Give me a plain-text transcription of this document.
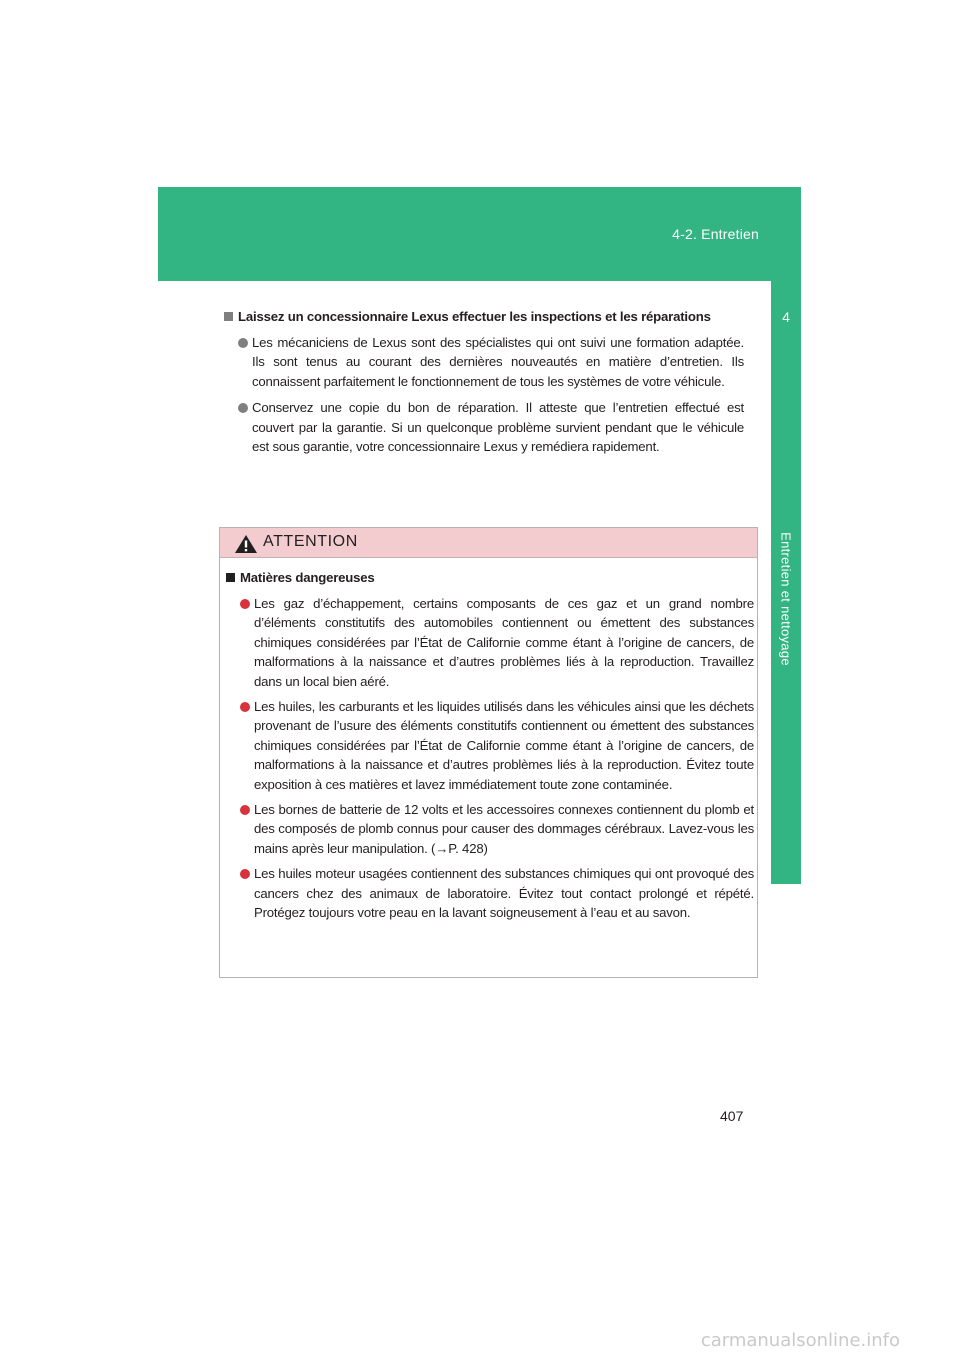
4-2. Entretien
4
Entretien et nettoyage
Laissez un concessionnaire Lexus effectuer les inspections et les réparations
Les mécaniciens de Lexus sont des spécialistes qui ont suivi une formation adaptée. Ils sont tenus au courant des dernières nouveautés en matière d’entretien. Ils connaissent parfaitement le fonctionnement de tous les systèmes de votre véhicule.
Conservez une copie du bon de réparation. Il atteste que l’entretien effectué est couvert par la garantie. Si un quelconque problème survient pendant que le véhicule est sous garantie, votre concessionnaire Lexus y remédiera rapidement.
ATTENTION
Matières dangereuses
Les gaz d’échappement, certains composants de ces gaz et un grand nombre d’éléments constitutifs des automobiles contiennent ou émettent des substances chimiques considérées par l’État de Californie comme étant à l’origine de cancers, de malformations à la naissance et d’autres problèmes liés à la reproduction. Travaillez dans un local bien aéré.
Les huiles, les carburants et les liquides utilisés dans les véhicules ainsi que les déchets provenant de l’usure des éléments constitutifs contiennent ou émettent des substances chimiques considérées par l’État de Californie comme étant à l’origine de cancers, de malformations à la naissance et d’autres problèmes liés à la reproduction. Évitez toute exposition à ces matières et lavez immédiatement toute zone contaminée.
Les bornes de batterie de 12 volts et les accessoires connexes contiennent du plomb et des composés de plomb connus pour causer des dommages cérébraux. Lavez-vous les mains après leur manipulation. (→P. 428)
Les huiles moteur usagées contiennent des substances chimiques qui ont provoqué des cancers chez des animaux de laboratoire. Évitez tout contact prolongé et répété. Protégez toujours votre peau en la lavant soigneusement à l’eau et au savon.
407
carmanualsonline.info
